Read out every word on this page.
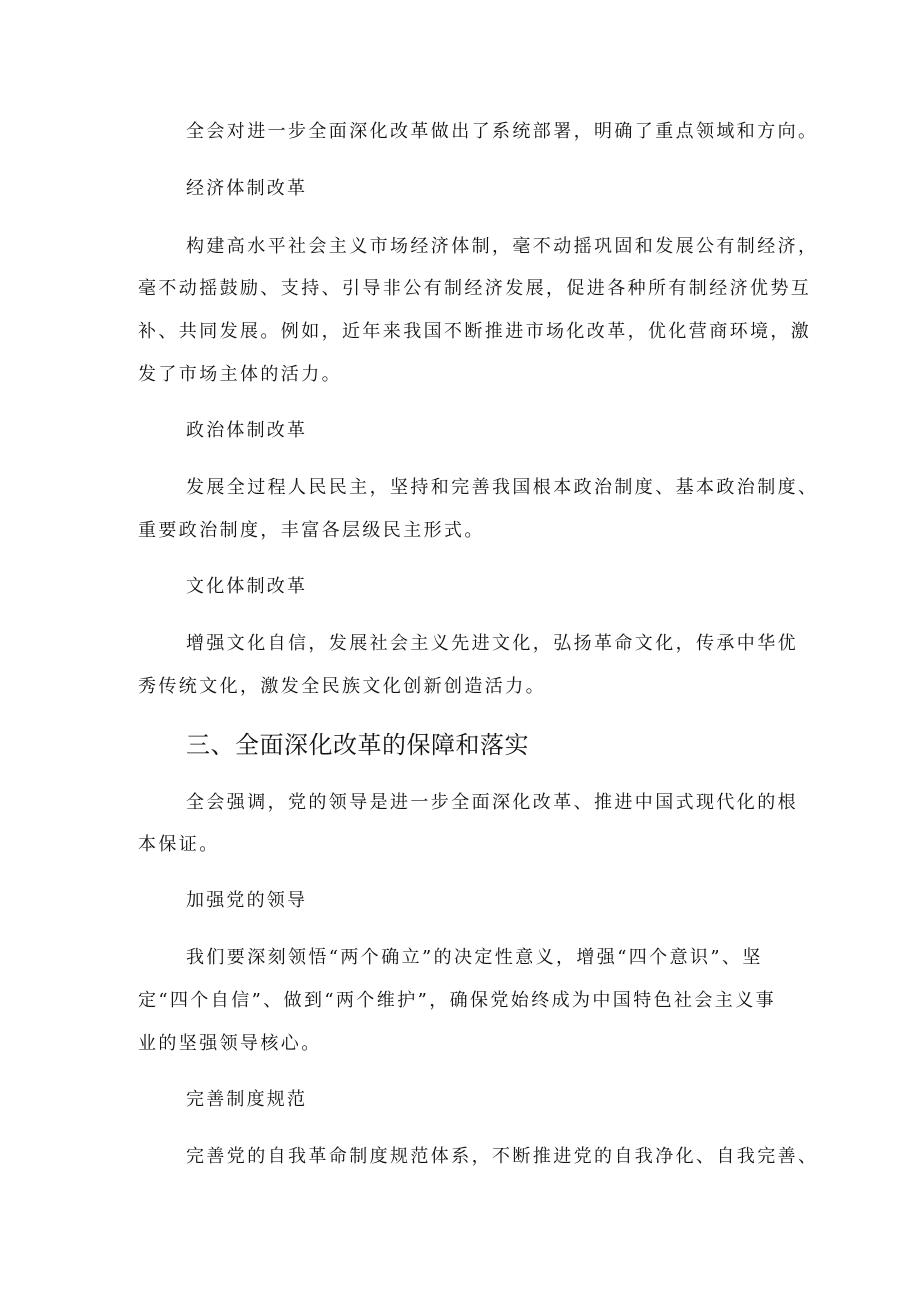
全会对进一步全面深化改革做出了系统部署，明确了重点领域和方向。
经济体制改革
构建高水平社会主义市场经济体制，毫不动摇巩固和发展公有制经济，
毫不动摇鼓励、支持、引导非公有制经济发展，促进各种所有制经济优势互
补、共同发展。例如，近年来我国不断推进市场化改革，优化营商环境，激
发了市场主体的活力。
政治体制改革
发展全过程人民民主，坚持和完善我国根本政治制度、基本政治制度、
重要政治制度，丰富各层级民主形式。
文化体制改革
增强文化自信，发展社会主义先进文化，弘扬革命文化，传承中华优
秀传统文化，激发全民族文化创新创造活力。
三、全面深化改革的保障和落实
全会强调，党的领导是进一步全面深化改革、推进中国式现代化的根
本保证。
加强党的领导
我们要深刻领悟“两个确立”的决定性意义，增强“四个意识”、坚
定“四个自信”、做到“两个维护”，确保党始终成为中国特色社会主义事
业的坚强领导核心。
完善制度规范
完善党的自我革命制度规范体系，不断推进党的自我净化、自我完善、
